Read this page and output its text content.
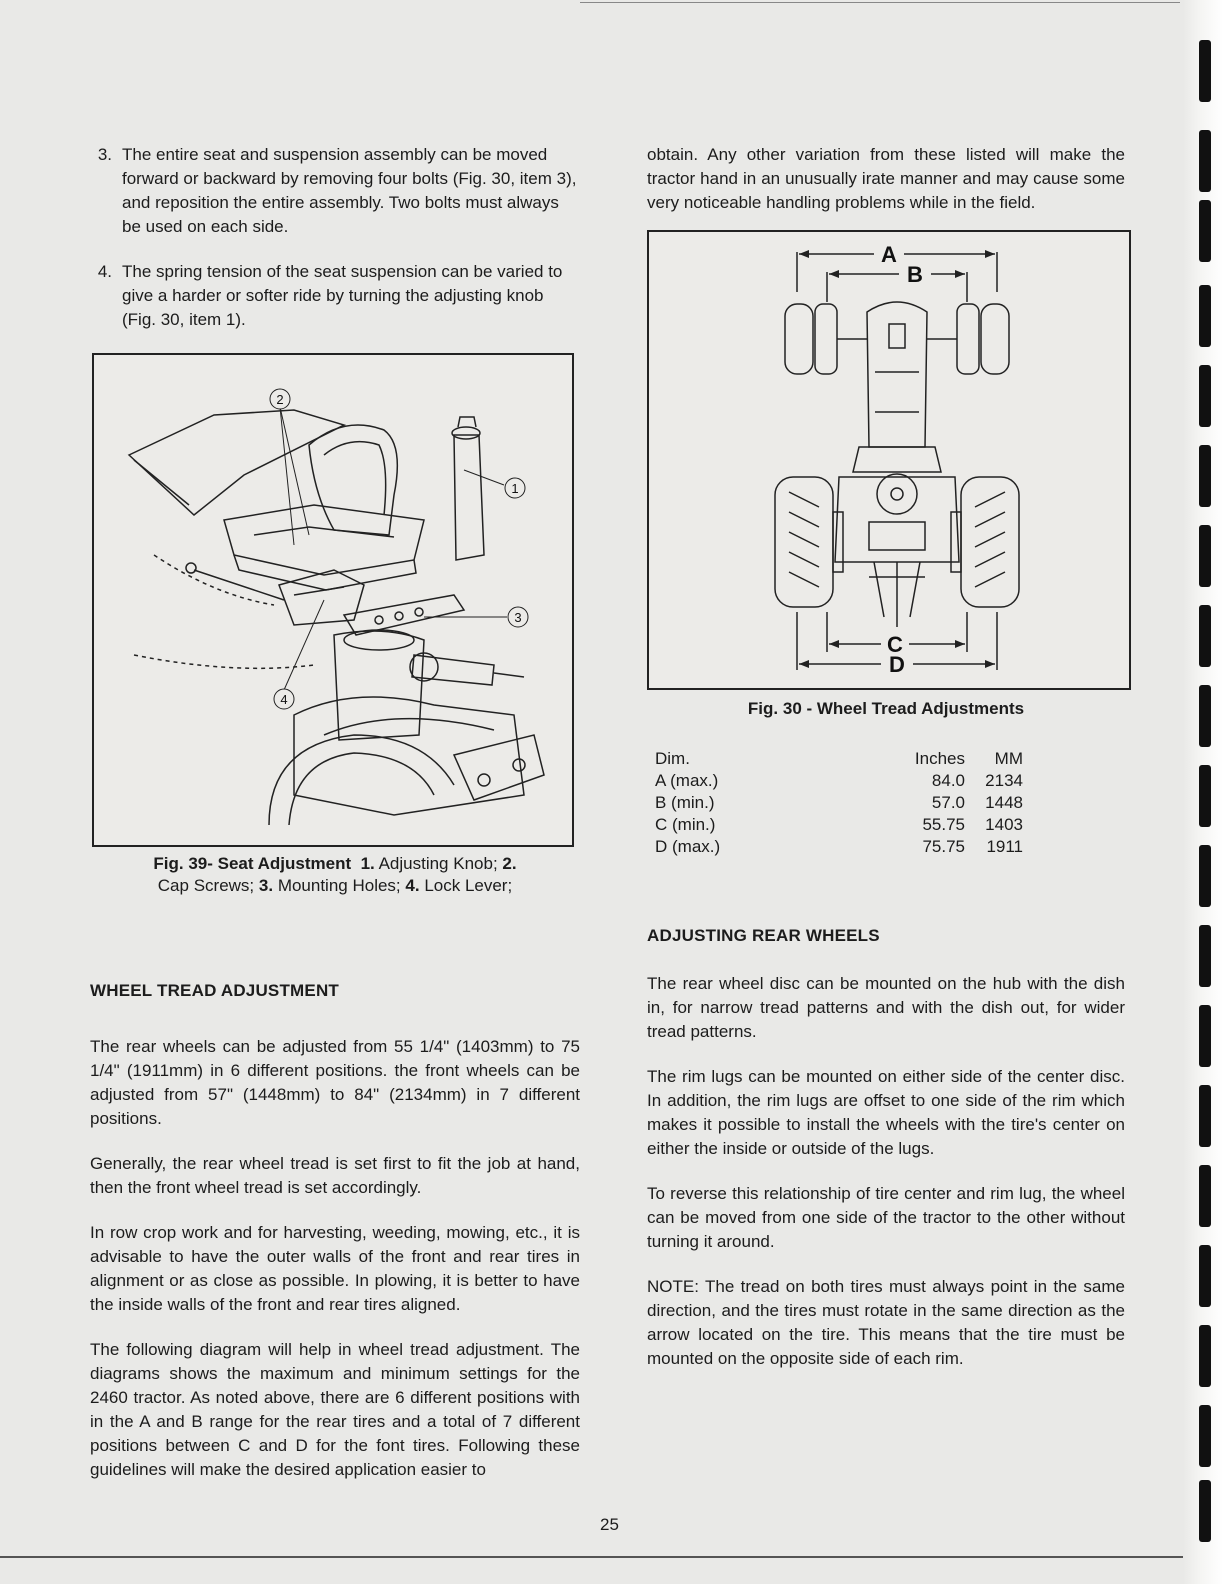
3. The entire seat and suspension assembly can be moved forward or backward by removing four bolts (Fig. 30, item 3), and reposition the entire assembly. Two bolts must always be used on each side.
4. The spring tension of the seat suspension can be varied to give a harder or softer ride by turning the adjusting knob (Fig. 30, item 1).
2
1
3
4
Fig. 39- Seat Adjustment 1. Adjusting Knob; 2.
Cap Screws; 3. Mounting Holes; 4. Lock Lever;
WHEEL TREAD ADJUSTMENT

The rear wheels can be adjusted from 55 1/4" (1403mm) to 75 1/4" (1911mm) in 6 different positions. the front wheels can be adjusted from 57" (1448mm) to 84" (2134mm) in 7 different positions.

Generally, the rear wheel tread is set first to fit the job at hand, then the front wheel tread is set accordingly.

In row crop work and for harvesting, weeding, mowing, etc., it is advisable to have the outer walls of the front and rear tires in alignment or as close as possible. In plowing, it is better to have the inside walls of the front and rear tires aligned.

The following diagram will help in wheel tread adjustment. The diagrams shows the maximum and minimum settings for the 2460 tractor. As noted above, there are 6 different positions with in the A and B range for the rear tires and a total of 7 different positions between C and D for the font tires. Following these guidelines will make the desired application easier to

obtain. Any other variation from these listed will make the tractor hand in an unusually irate manner and may cause some very noticeable handling problems while in the field.

A
B
C
D
Fig. 30 - Wheel Tread Adjustments
Dim.	Inches	MM
A (max.)	84.0	2134
B (min.)	57.0	1448
C (min.)	55.75	1403
D (max.)	75.75	1911
ADJUSTING REAR WHEELS

The rear wheel disc can be mounted on the hub with the dish in, for narrow tread patterns and with the dish out, for wider tread patterns.

The rim lugs can be mounted on either side of the center disc. In addition, the rim lugs are offset to one side of the rim which makes it possible to install the wheels with the tire's center on either the inside or outside of the lugs.

To reverse this relationship of tire center and rim lug, the wheel can be moved from one side of the tractor to the other without turning it around.

NOTE: The tread on both tires must always point in the same direction, and the tires must rotate in the same direction as the arrow located on the tire. This means that the tire must be mounted on the opposite side of each rim.

25
